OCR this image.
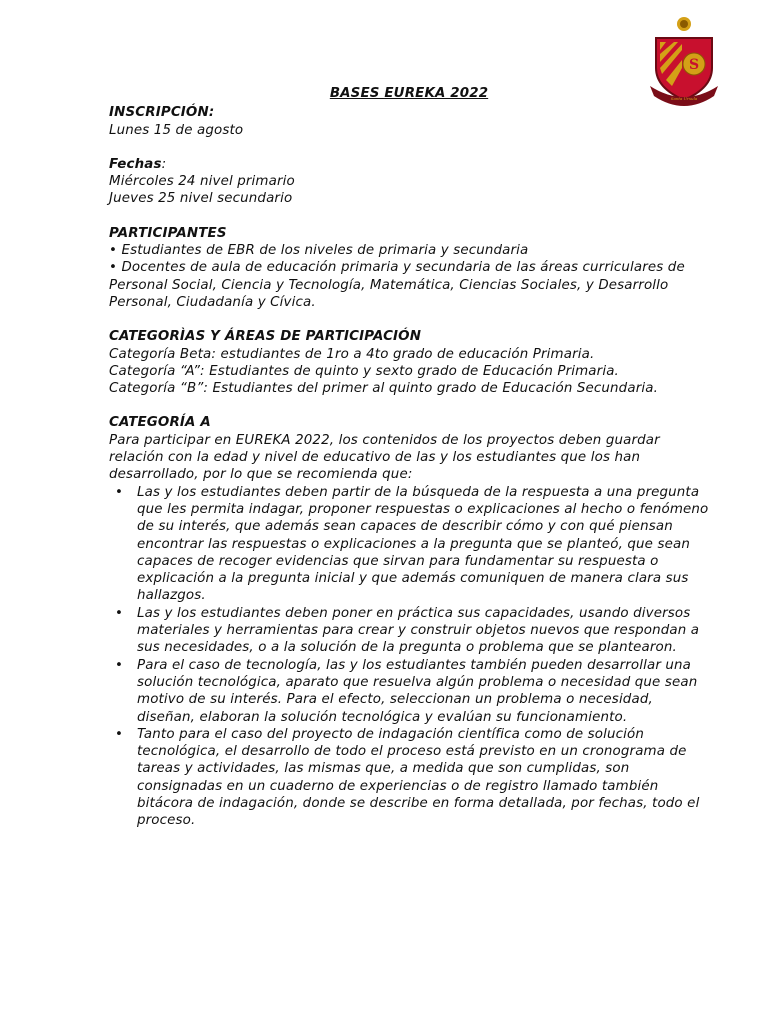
S
Santa Ursula
BASES EUREKA 2022
INSCRIPCIÓN:
Lunes 15 de agosto
Fechas:
Miércoles 24 nivel primario
Jueves 25 nivel secundario
PARTICIPANTES
• Estudiantes de EBR de los niveles de primaria y secundaria
• Docentes de aula de educación primaria y secundaria de las áreas curriculares de Personal Social, Ciencia y Tecnología, Matemática, Ciencias Sociales, y Desarrollo Personal, Ciudadanía y Cívica.
CATEGORÌAS Y ÁREAS DE PARTICIPACIÓN
Categoría Beta: estudiantes de 1ro a 4to grado de educación Primaria.
Categoría “A”: Estudiantes de quinto y sexto grado de Educación Primaria.
Categoría “B”: Estudiantes del primer al quinto grado de Educación Secundaria.
CATEGORÍA A
Para participar en EUREKA 2022, los contenidos de los proyectos deben guardar relación con la edad y nivel de educativo de las y los estudiantes que los han desarrollado, por lo que se recomienda que:
• Las y los estudiantes deben partir de la búsqueda de la respuesta a una pregunta que les permita indagar, proponer respuestas o explicaciones al hecho o fenómeno de su interés, que además sean capaces de describir cómo y con qué piensan encontrar las respuestas o explicaciones a la pregunta que se planteó, que sean capaces de recoger evidencias que sirvan para fundamentar su respuesta o explicación a la pregunta inicial y que además comuniquen de manera clara sus hallazgos.
• Las y los estudiantes deben poner en práctica sus capacidades, usando diversos materiales y herramientas para crear y construir objetos nuevos que respondan a sus necesidades, o a la solución de la pregunta o problema que se plantearon.
• Para el caso de tecnología, las y los estudiantes también pueden desarrollar una solución tecnológica, aparato que resuelva algún problema o necesidad que sean motivo de su interés. Para el efecto, seleccionan un problema o necesidad, diseñan, elaboran la solución tecnológica y evalúan su funcionamiento.
• Tanto para el caso del proyecto de indagación científica como de solución tecnológica, el desarrollo de todo el proceso está previsto en un cronograma de tareas y actividades, las mismas que, a medida que son cumplidas, son consignadas en un cuaderno de experiencias o de registro llamado también bitácora de indagación, donde se describe en forma detallada, por fechas, todo el proceso.
